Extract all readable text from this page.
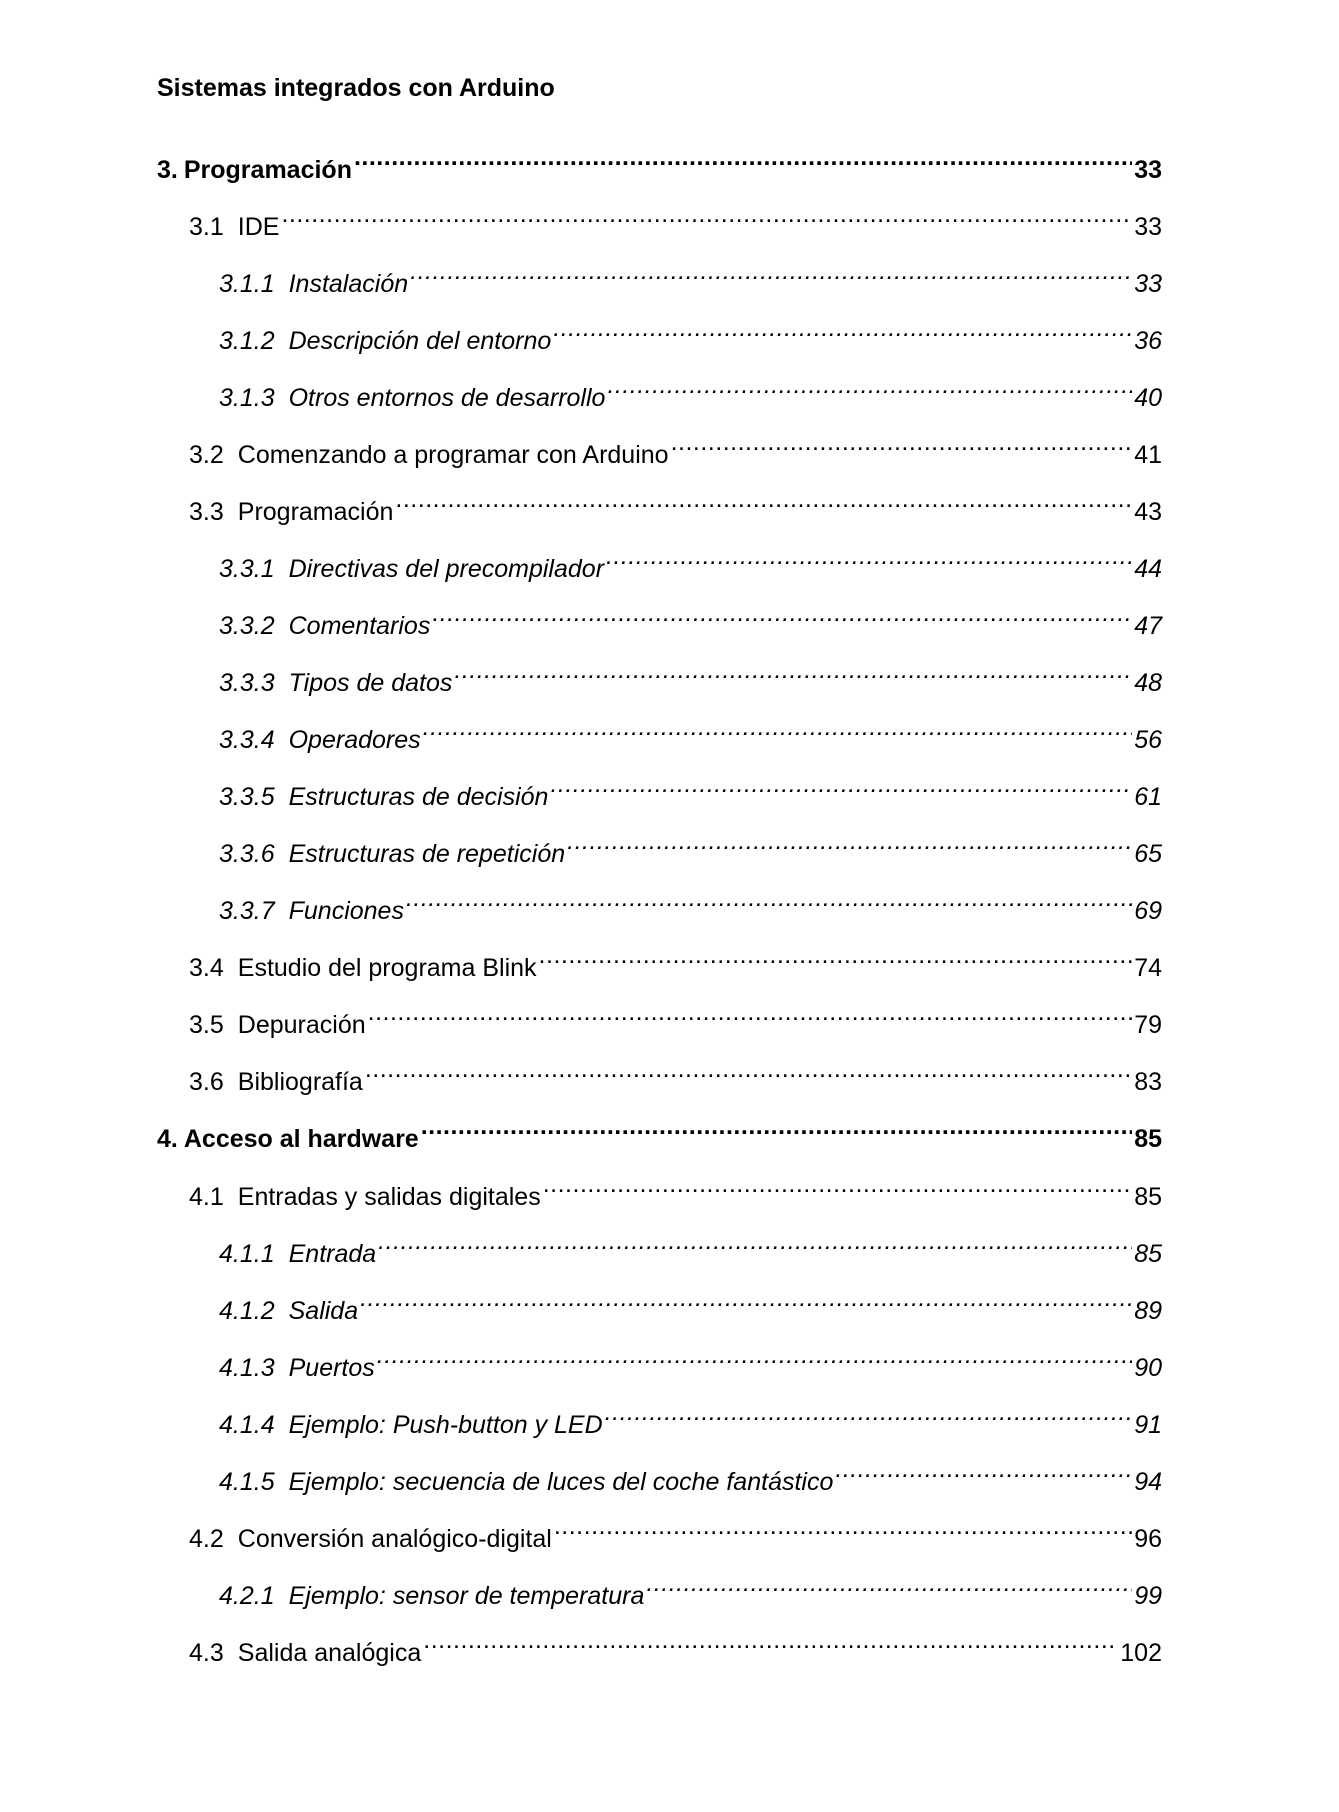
Sistemas integrados con Arduino
3. Programación .....	33
3.1 IDE .....	33
3.1.1 Instalación .....	33
3.1.2 Descripción del entorno .....	36
3.1.3 Otros entornos de desarrollo .....	40
3.2 Comenzando a programar con Arduino .....	41
3.3 Programación .....	43
3.3.1 Directivas del precompilador .....	44
3.3.2 Comentarios .....	47
3.3.3 Tipos de datos .....	48
3.3.4 Operadores .....	56
3.3.5 Estructuras de decisión .....	61
3.3.6 Estructuras de repetición .....	65
3.3.7 Funciones .....	69
3.4 Estudio del programa Blink .....	74
3.5 Depuración .....	79
3.6 Bibliografía .....	83
4. Acceso al hardware .....	85
4.1 Entradas y salidas digitales .....	85
4.1.1 Entrada .....	85
4.1.2 Salida .....	89
4.1.3 Puertos .....	90
4.1.4 Ejemplo: Push-button y LED .....	91
4.1.5 Ejemplo: secuencia de luces del coche fantástico .....	94
4.2 Conversión analógico-digital .....	96
4.2.1 Ejemplo: sensor de temperatura .....	99
4.3 Salida analógica .....	102
